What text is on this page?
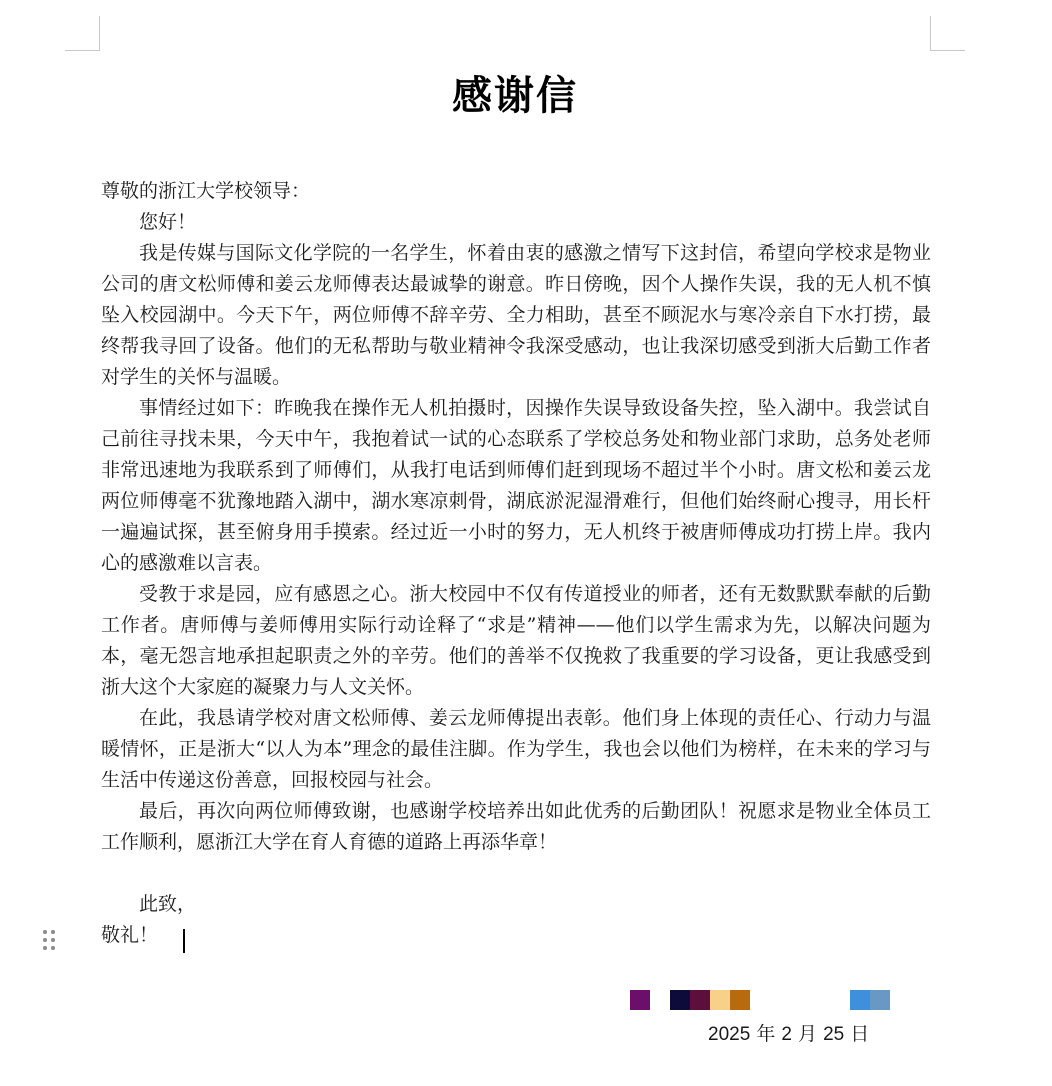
感谢信

尊敬的浙江大学校领导：

您好！

我是传媒与国际文化学院的一名学生，怀着由衷的感激之情写下这封信，希望向学校求是物业公司的唐文松师傅和姜云龙师傅表达最诚挚的谢意。昨日傍晚，因个人操作失误，我的无人机不慎坠入校园湖中。今天下午，两位师傅不辞辛劳、全力相助，甚至不顾泥水与寒冷亲自下水打捞，最终帮我寻回了设备。他们的无私帮助与敬业精神令我深受感动，也让我深切感受到浙大后勤工作者对学生的关怀与温暖。

事情经过如下：昨晚我在操作无人机拍摄时，因操作失误导致设备失控，坠入湖中。我尝试自己前往寻找未果，今天中午，我抱着试一试的心态联系了学校总务处和物业部门求助，总务处老师非常迅速地为我联系到了师傅们，从我打电话到师傅们赶到现场不超过半个小时。唐文松和姜云龙两位师傅毫不犹豫地踏入湖中，湖水寒凉刺骨，湖底淤泥湿滑难行，但他们始终耐心搜寻，用长杆一遍遍试探，甚至俯身用手摸索。经过近一小时的努力，无人机终于被唐师傅成功打捞上岸。我内心的感激难以言表。

受教于求是园，应有感恩之心。浙大校园中不仅有传道授业的师者，还有无数默默奉献的后勤工作者。唐师傅与姜师傅用实际行动诠释了“求是”精神——他们以学生需求为先，以解决问题为本，毫无怨言地承担起职责之外的辛劳。他们的善举不仅挽救了我重要的学习设备，更让我感受到浙大这个大家庭的凝聚力与人文关怀。

在此，我恳请学校对唐文松师傅、姜云龙师傅提出表彰。他们身上体现的责任心、行动力与温暖情怀，正是浙大“以人为本”理念的最佳注脚。作为学生，我也会以他们为榜样，在未来的学习与生活中传递这份善意，回报校园与社会。

最后，再次向两位师傅致谢，也感谢学校培养出如此优秀的后勤团队！祝愿求是物业全体员工工作顺利，愿浙江大学在育人育德的道路上再添华章！

此致，

敬礼！

2025 年 2 月 25 日
